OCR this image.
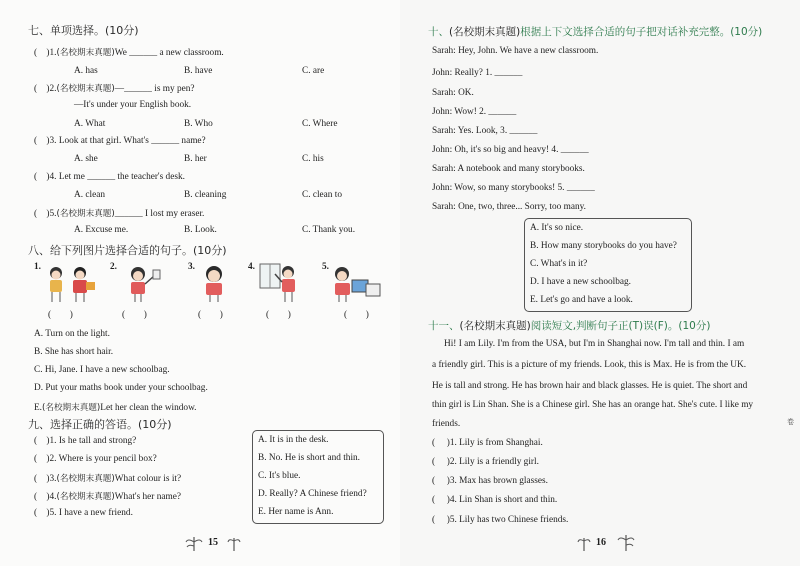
七、单项选择。(10分)
(    )1.(名校期末真题)We ______ a new classroom.
A. has	B. have	C. are
(    )2.(名校期末真题)—______ is my pen?
—It's under your English book.
A. What	B. Who	C. Where
(    )3. Look at that girl. What's ______ name?
A. she	B. her	C. his
(    )4. Let me ______ the teacher's desk.
A. clean	B. cleaning	C. clean to
(    )5.(名校期末真题)______ I lost my eraser.
A. Excuse me.	B. Look.	C. Thank you.
八、给下列图片选择合适的句子。(10分)
1.
(　　)
2.
(　　)
3.
(　　)
4.
(　　)
5.
(　　)
A. Turn on the light.
B. She has short hair.
C. Hi, Jane. I have a new schoolbag.
D. Put your maths book under your schoolbag.
E.(名校期末真题)Let her clean the window.
九、选择正确的答语。(10分)
(    )1. Is he tall and strong?
(    )2. Where is your pencil box?
(    )3.(名校期末真题)What colour is it?
(    )4.(名校期末真题)What's her name?
(    )5. I have a new friend.
A. It is in the desk.
B. No. He is short and thin.
C. It's blue.
D. Really? A Chinese friend?
E. Her name is Ann.
15
十、(名校期末真题)根据上下文选择合适的句子把对话补充完整。(10分)
Sarah: Hey, John. We have a new classroom.
John: Really? 1. ______
Sarah: OK.
John: Wow! 2. ______
Sarah: Yes. Look, 3. ______
John: Oh, it's so big and heavy! 4. ______
Sarah: A notebook and many storybooks.
John: Wow, so many storybooks! 5. ______
Sarah: One, two, three... Sorry, too many.
A. It's so nice.
B. How many storybooks do you have?
C. What's in it?
D. I have a new schoolbag.
E. Let's go and have a look.
十一、(名校期末真题)阅读短文,判断句子正(T)误(F)。(10分)
Hi! I am Lily. I'm from the USA, but I'm in Shanghai now. I'm tall and thin. I am
a friendly girl. This is a picture of my friends. Look, this is Max. He is from the UK.
He is tall and strong. He has brown hair and black glasses. He is quiet. The short and
thin girl is Lin Shan. She is a Chinese girl. She has an orange hat. She's cute. I like my
friends.
(     )1. Lily is from Shanghai.
(     )2. Lily is a friendly girl.
(     )3. Max has brown glasses.
(     )4. Lin Shan is short and thin.
(     )5. Lily has two Chinese friends.
卷
16
